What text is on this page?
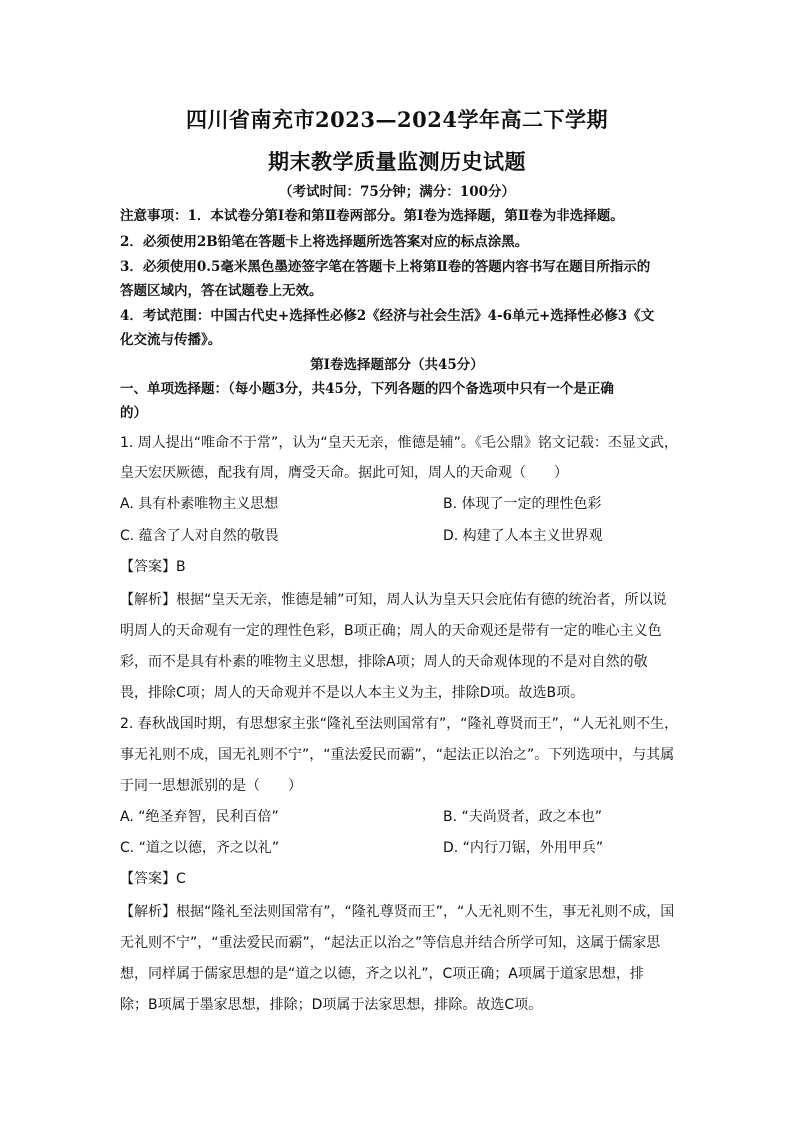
四川省南充市2023—2024学年高二下学期
期末教学质量监测历史试题
（考试时间：75分钟；满分：100分）
注意事项：1．本试卷分第Ⅰ卷和第Ⅱ卷两部分。第Ⅰ卷为选择题，第Ⅱ卷为非选择题。
2．必须使用2B铅笔在答题卡上将选择题所选答案对应的标点涂黑。
3．必须使用0.5毫米黑色墨迹签字笔在答题卡上将第Ⅱ卷的答题内容书写在题目所指示的
答题区域内，答在试题卷上无效。
4．考试范围：中国古代史+选择性必修2《经济与社会生活》4-6单元+选择性必修3《文
化交流与传播》。
第Ⅰ卷选择题部分（共45分）
一、单项选择题：（每小题3分，共45分，下列各题的四个备选项中只有一个是正确
的）
1. 周人提出“唯命不于常”，认为“皇天无亲，惟德是辅”。《毛公鼎》铭文记载：丕显文武，
皇天宏厌厥德，配我有周，膺受天命。据此可知，周人的天命观（　　）
A. 具有朴素唯物主义思想	B. 体现了一定的理性色彩
C. 蕴含了人对自然的敬畏	D. 构建了人本主义世界观
【答案】B
【解析】根据“皇天无亲，惟德是辅”可知，周人认为皇天只会庇佑有德的统治者，所以说
明周人的天命观有一定的理性色彩，B项正确；周人的天命观还是带有一定的唯心主义色
彩，而不是具有朴素的唯物主义思想，排除A项；周人的天命观体现的不是对自然的敬
畏，排除C项；周人的天命观并不是以人本主义为主，排除D项。故选B项。
2. 春秋战国时期，有思想家主张“隆礼至法则国常有”，“隆礼尊贤而王”，“人无礼则不生，
事无礼则不成，国无礼则不宁”，“重法爱民而霸”，“起法正以治之”。下列选项中，与其属
于同一思想派别的是（　　）
A. “绝圣弃智，民利百倍”	B. “夫尚贤者，政之本也”
C. “道之以德，齐之以礼”	D. “内行刀锯，外用甲兵”
【答案】C
【解析】根据“隆礼至法则国常有”，“隆礼尊贤而王”，“人无礼则不生，事无礼则不成，国
无礼则不宁”，“重法爱民而霸”，“起法正以治之”等信息并结合所学可知，这属于儒家思
想，同样属于儒家思想的是“道之以德，齐之以礼”，C项正确；A项属于道家思想，排
除；B项属于墨家思想，排除；D项属于法家思想，排除。故选C项。
